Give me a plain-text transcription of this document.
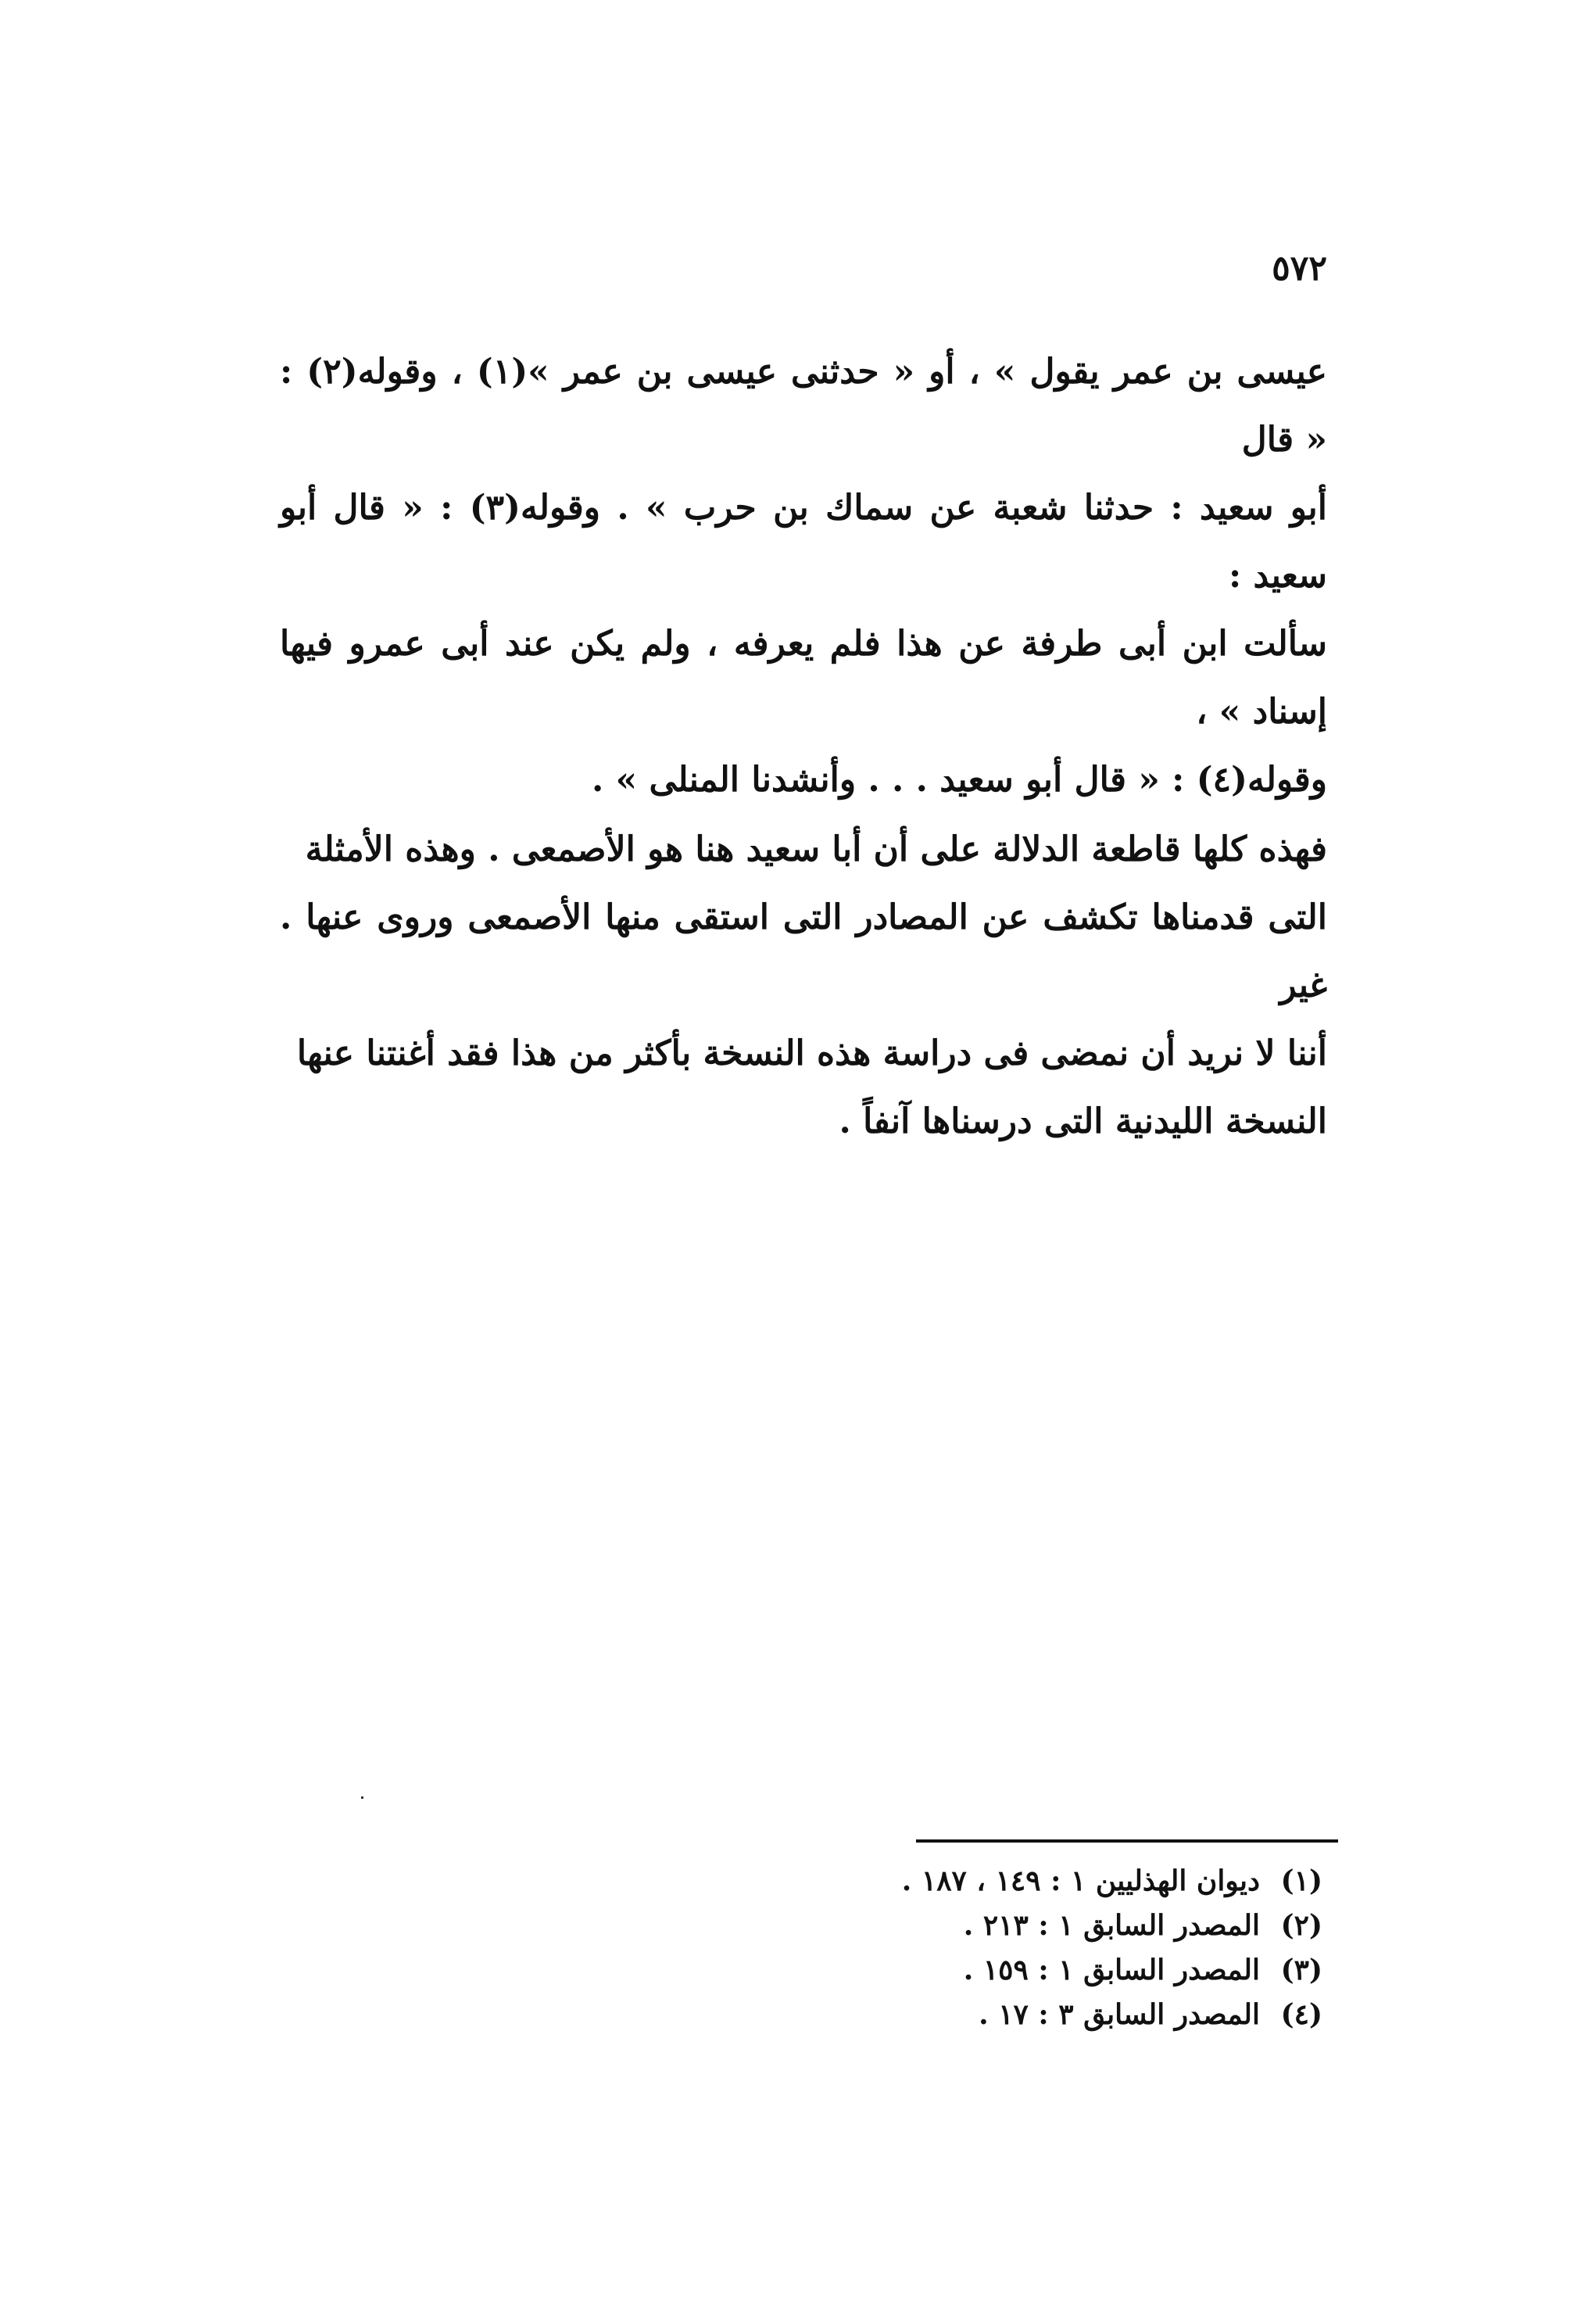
٥٧٢

عيسى بن عمر يقول » ، أو « حدثنى عيسى بن عمر »(١) ، وقوله(٢) : « قال

أبو سعيد : حدثنا شعبة عن سماك بن حرب » . وقوله(٣) : « قال أبو سعيد :

سألت ابن أبى طرفة عن هذا فلم يعرفه ، ولم يكن عند أبى عمرو فيها إسناد » ،

وقوله(٤) : « قال أبو سعيد . . . وأنشدنا المنلى » .

فهذه كلها قاطعة الدلالة على أن أبا سعيد هنا هو الأصمعى . وهذه الأمثلة

التى قدمناها تكشف عن المصادر التى استقى منها الأصمعى وروى عنها . غير

أننا لا نريد أن نمضى فى دراسة هذه النسخة بأكثر من هذا فقد أغنتنا عنها

النسخة الليدنية التى درسناها آنفاً .

(١) ديوان الهذليين ١ : ١٤٩ ، ١٨٧ .

(٢) المصدر السابق ١ : ٢١٣ .

(٣) المصدر السابق ١ : ١٥٩ .

(٤) المصدر السابق ٣ : ١٧ .
